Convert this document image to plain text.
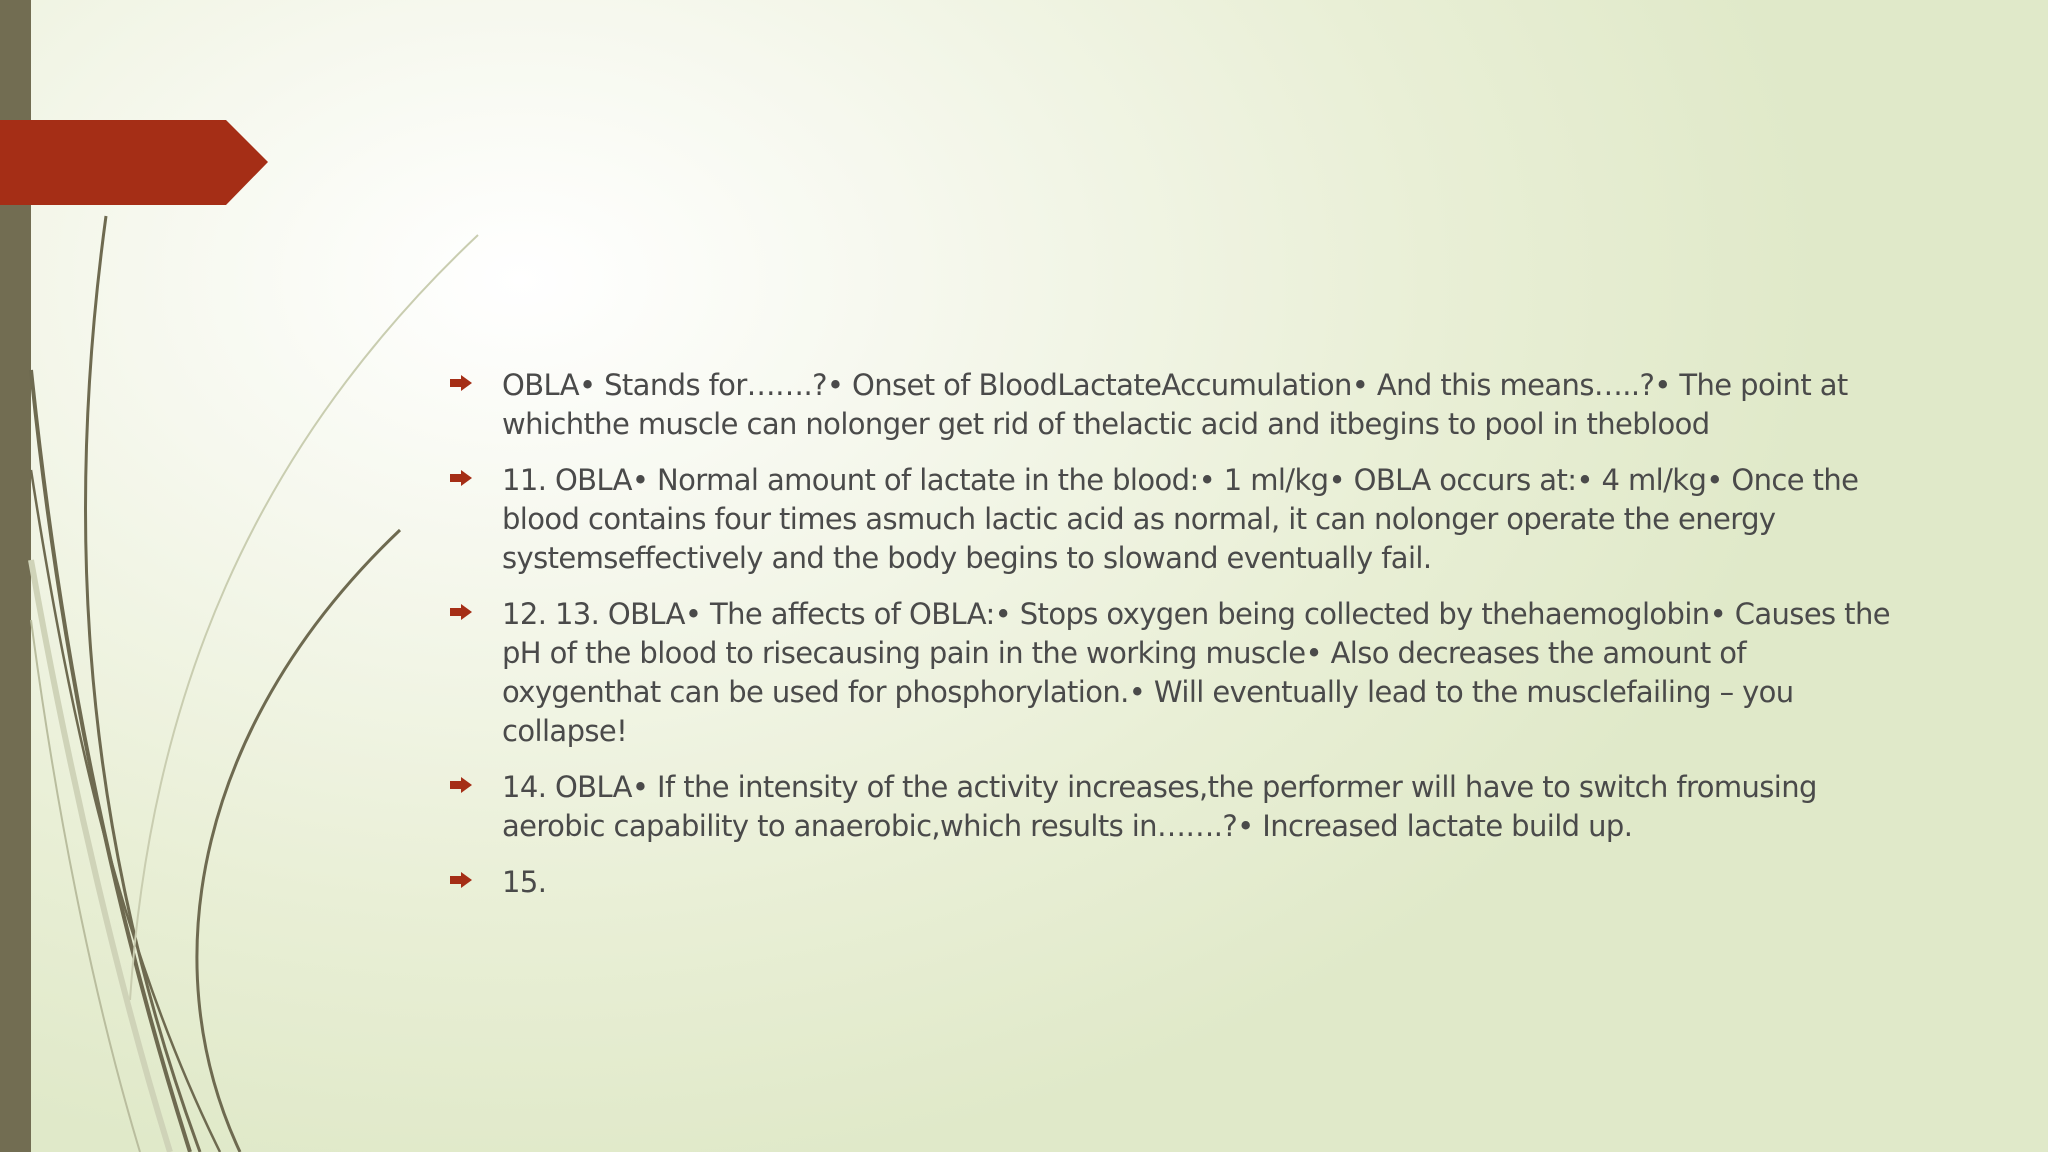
OBLA• Stands for…….?• Onset of BloodLactateAccumulation• And this means…..?• The point at whichthe muscle can nolonger get rid of thelactic acid and itbegins to pool in theblood
11. OBLA• Normal amount of lactate in the blood:• 1 ml/kg• OBLA occurs at:• 4 ml/kg• Once the blood contains four times asmuch lactic acid as normal, it can nolonger operate the energy systemseffectively and the body begins to slowand eventually fail.
12. 13. OBLA• The affects of OBLA:• Stops oxygen being collected by thehaemoglobin• Causes the pH of the blood to risecausing pain in the working muscle• Also decreases the amount of oxygenthat can be used for phosphorylation.• Will eventually lead to the musclefailing – you collapse!
14. OBLA• If the intensity of the activity increases,the performer will have to switch fromusing aerobic capability to anaerobic,which results in…….?• Increased lactate build up.
15.
